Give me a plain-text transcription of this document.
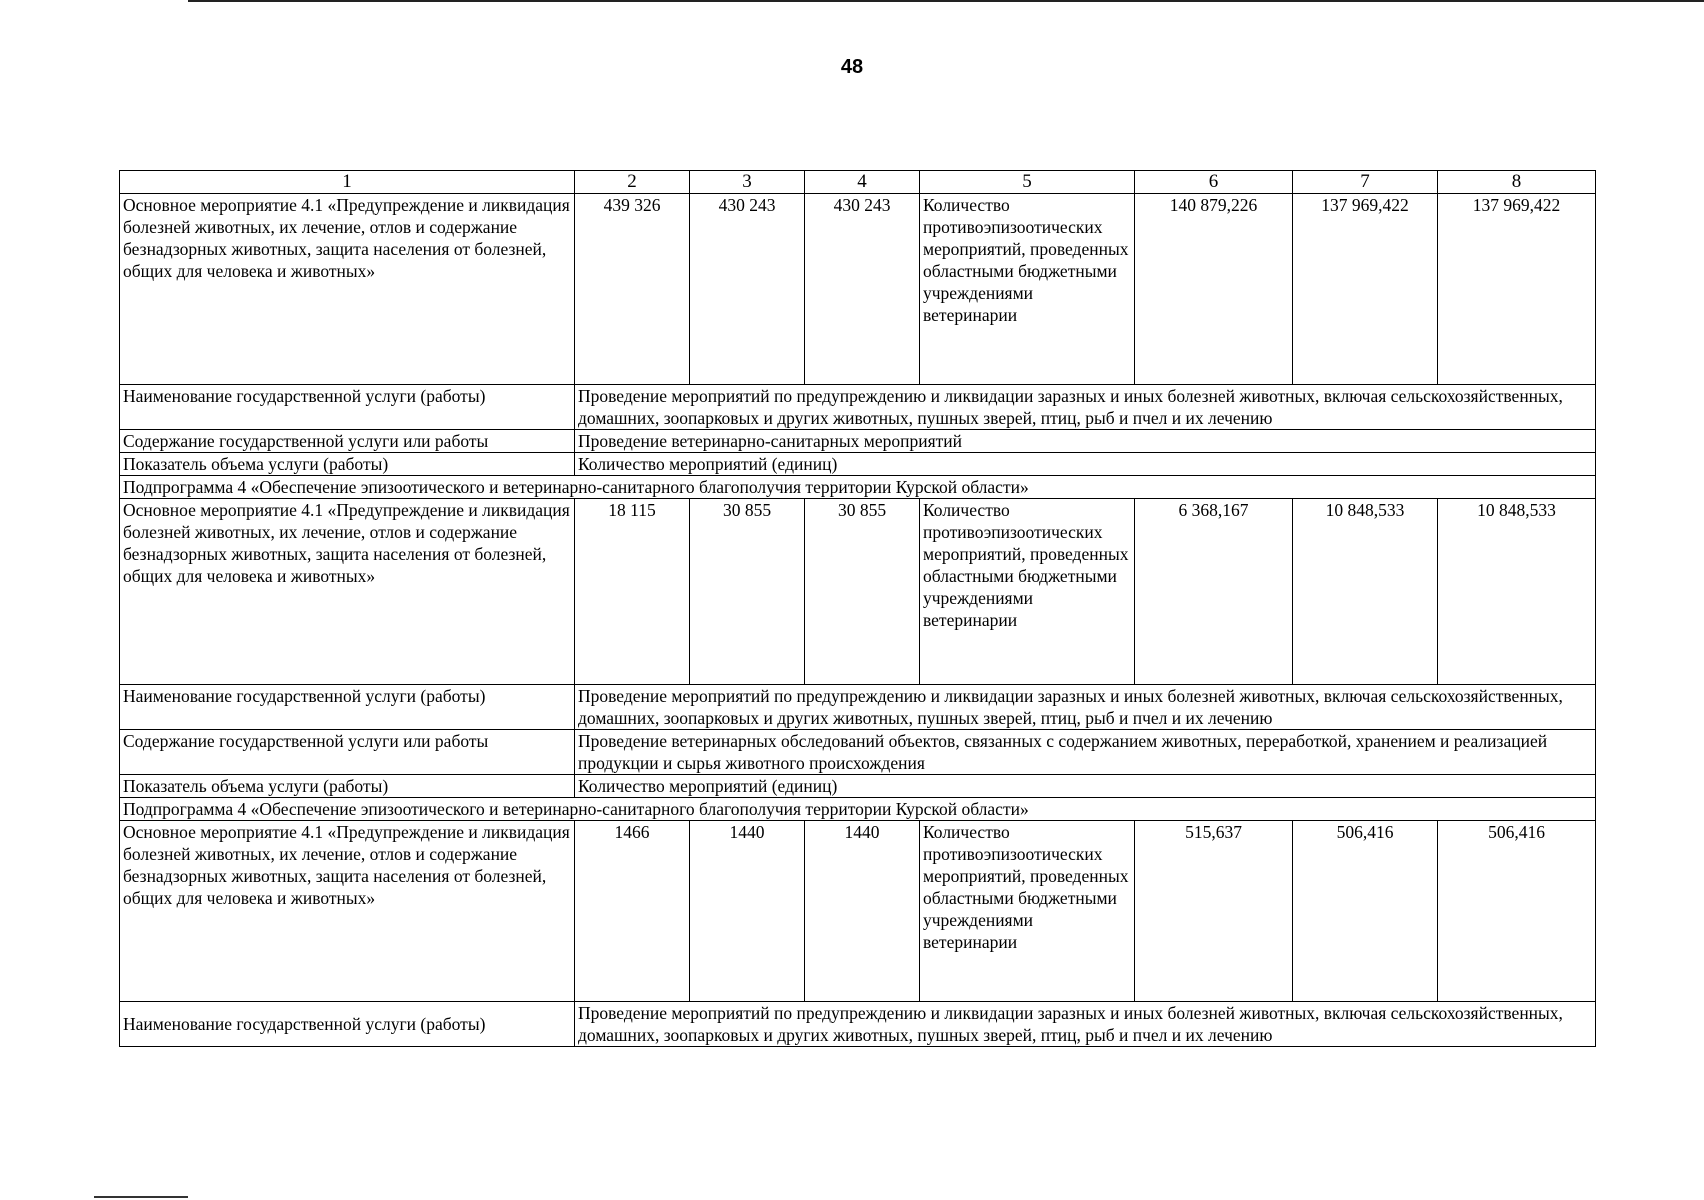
48
1	2	3	4	5	6	7	8
Основное мероприятие 4.1 «Предупреждение и ликвидация болезней животных, их лечение, отлов и содержание безнадзорных животных, защита населения от болезней, общих для человека и животных»	439 326	430 243	430 243	Количество противоэпизоотических мероприятий, проведенных областными бюджетными учреждениями ветеринарии	140 879,226	137 969,422	137 969,422
Наименование государственной услуги (работы)	Проведение мероприятий по предупреждению и ликвидации заразных и иных болезней животных, включая сельскохозяйственных, домашних, зоопарковых и других животных, пушных зверей, птиц, рыб и пчел и их лечению						
Содержание государственной услуги или работы	Проведение ветеринарно-санитарных мероприятий						
Показатель объема услуги (работы)	Количество мероприятий (единиц)						
Подпрограмма 4 «Обеспечение эпизоотического и ветеринарно-санитарного благополучия территории Курской области»							
Основное мероприятие 4.1 «Предупреждение и ликвидация болезней животных, их лечение, отлов и содержание безнадзорных животных, защита населения от болезней, общих для человека и животных»	18 115	30 855	30 855	Количество противоэпизоотических мероприятий, проведенных областными бюджетными учреждениями ветеринарии	6 368,167	10 848,533	10 848,533
Наименование государственной услуги (работы)	Проведение мероприятий по предупреждению и ликвидации заразных и иных болезней животных, включая сельскохозяйственных, домашних, зоопарковых и других животных, пушных зверей, птиц, рыб и пчел и их лечению						
Содержание государственной услуги или работы	Проведение ветеринарных обследований объектов, связанных с содержанием животных, переработкой, хранением и реализацией продукции и сырья животного происхождения						
Показатель объема услуги (работы)	Количество мероприятий (единиц)						
Подпрограмма 4 «Обеспечение эпизоотического и ветеринарно-санитарного благополучия территории Курской области»							
Основное мероприятие 4.1 «Предупреждение и ликвидация болезней животных, их лечение, отлов и содержание безнадзорных животных, защита населения от болезней, общих для человека и животных»	1466	1440	1440	Количество противоэпизоотических мероприятий, проведенных областными бюджетными учреждениями ветеринарии	515,637	506,416	506,416
Наименование государственной услуги (работы)	Проведение мероприятий по предупреждению и ликвидации заразных и иных болезней животных, включая сельскохозяйственных, домашних, зоопарковых и других животных, пушных зверей, птиц, рыб и пчел и их лечению						
